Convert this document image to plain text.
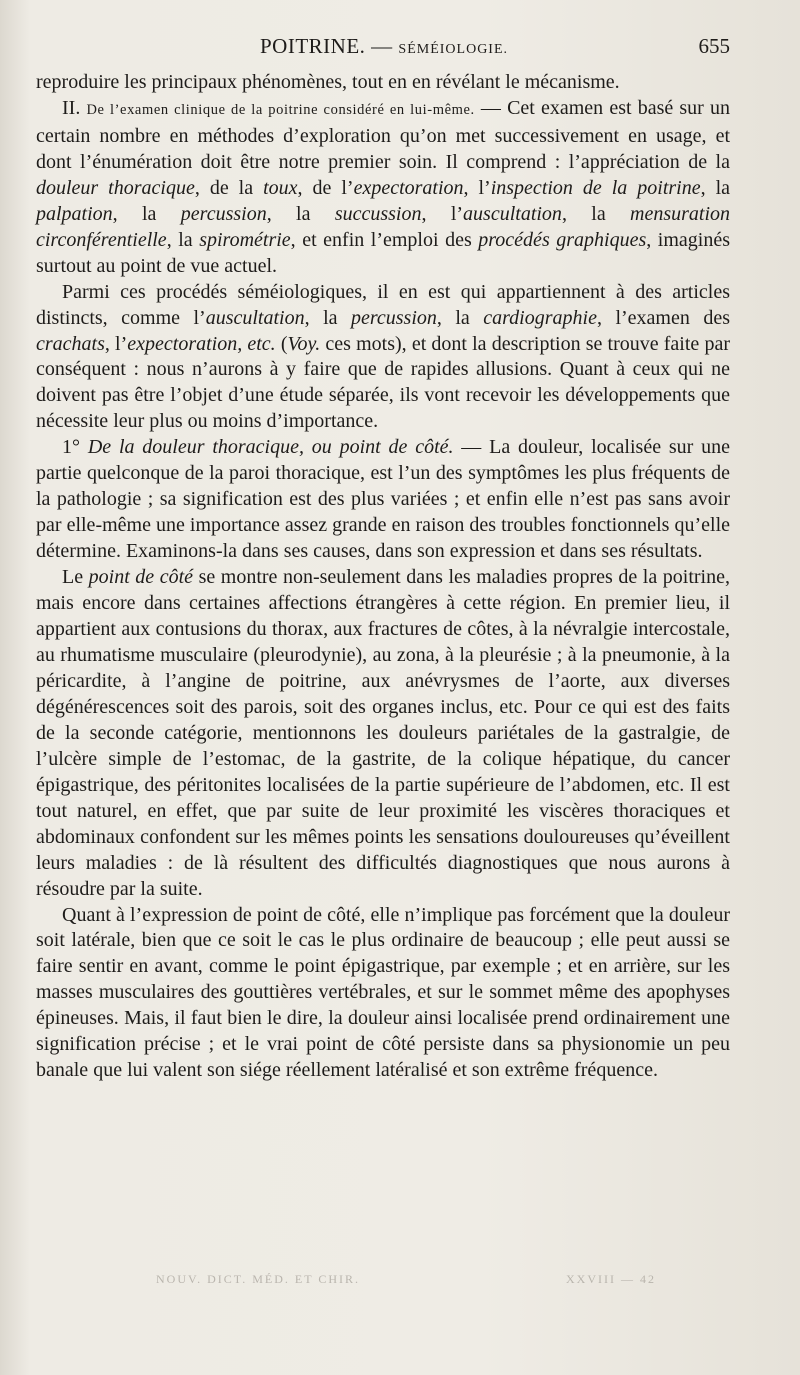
POITRINE. — SÉMÉIOLOGIE.	655

reproduire les principaux phénomènes, tout en en révélant le mécanisme.

II. De l’examen clinique de la poitrine considéré en lui-même. — Cet examen est basé sur un certain nombre en méthodes d’exploration qu’on met successivement en usage, et dont l’énumération doit être notre premier soin. Il comprend : l’appréciation de la douleur thoracique, de la toux, de l’expectoration, l’inspection de la poitrine, la palpation, la percussion, la succussion, l’auscultation, la mensuration circonférentielle, la spirométrie, et enfin l’emploi des procédés graphiques, imaginés surtout au point de vue actuel.

Parmi ces procédés séméiologiques, il en est qui appartiennent à des articles distincts, comme l’auscultation, la percussion, la cardiographie, l’examen des crachats, l’expectoration, etc. (Voy. ces mots), et dont la description se trouve faite par conséquent : nous n’aurons à y faire que de rapides allusions. Quant à ceux qui ne doivent pas être l’objet d’une étude séparée, ils vont recevoir les développements que nécessite leur plus ou moins d’importance.

1° De la douleur thoracique, ou point de côté. — La douleur, localisée sur une partie quelconque de la paroi thoracique, est l’un des symptômes les plus fréquents de la pathologie ; sa signification est des plus variées ; et enfin elle n’est pas sans avoir par elle-même une importance assez grande en raison des troubles fonctionnels qu’elle détermine. Examinons-la dans ses causes, dans son expression et dans ses résultats.

Le point de côté se montre non-seulement dans les maladies propres de la poitrine, mais encore dans certaines affections étrangères à cette région. En premier lieu, il appartient aux contusions du thorax, aux fractures de côtes, à la névralgie intercostale, au rhumatisme musculaire (pleurodynie), au zona, à la pleurésie ; à la pneumonie, à la péricardite, à l’angine de poitrine, aux anévrysmes de l’aorte, aux diverses dégénérescences soit des parois, soit des organes inclus, etc. Pour ce qui est des faits de la seconde catégorie, mentionnons les douleurs pariétales de la gastralgie, de l’ulcère simple de l’estomac, de la gastrite, de la colique hépatique, du cancer épigastrique, des péritonites localisées de la partie supérieure de l’abdomen, etc. Il est tout naturel, en effet, que par suite de leur proximité les viscères thoraciques et abdominaux confondent sur les mêmes points les sensations douloureuses qu’éveillent leurs maladies : de là résultent des difficultés diagnostiques que nous aurons à résoudre par la suite.

Quant à l’expression de point de côté, elle n’implique pas forcément que la douleur soit latérale, bien que ce soit le cas le plus ordinaire de beaucoup ; elle peut aussi se faire sentir en avant, comme le point épigastrique, par exemple ; et en arrière, sur les masses musculaires des gouttières vertébrales, et sur le sommet même des apophyses épineuses. Mais, il faut bien le dire, la douleur ainsi localisée prend ordinairement une signification précise ; et le vrai point de côté persiste dans sa physionomie un peu banale que lui valent son siége réellement latéralisé et son extrême fréquence.

NOUV. DICT. MÉD. ET CHIR.	XXVIII — 42
